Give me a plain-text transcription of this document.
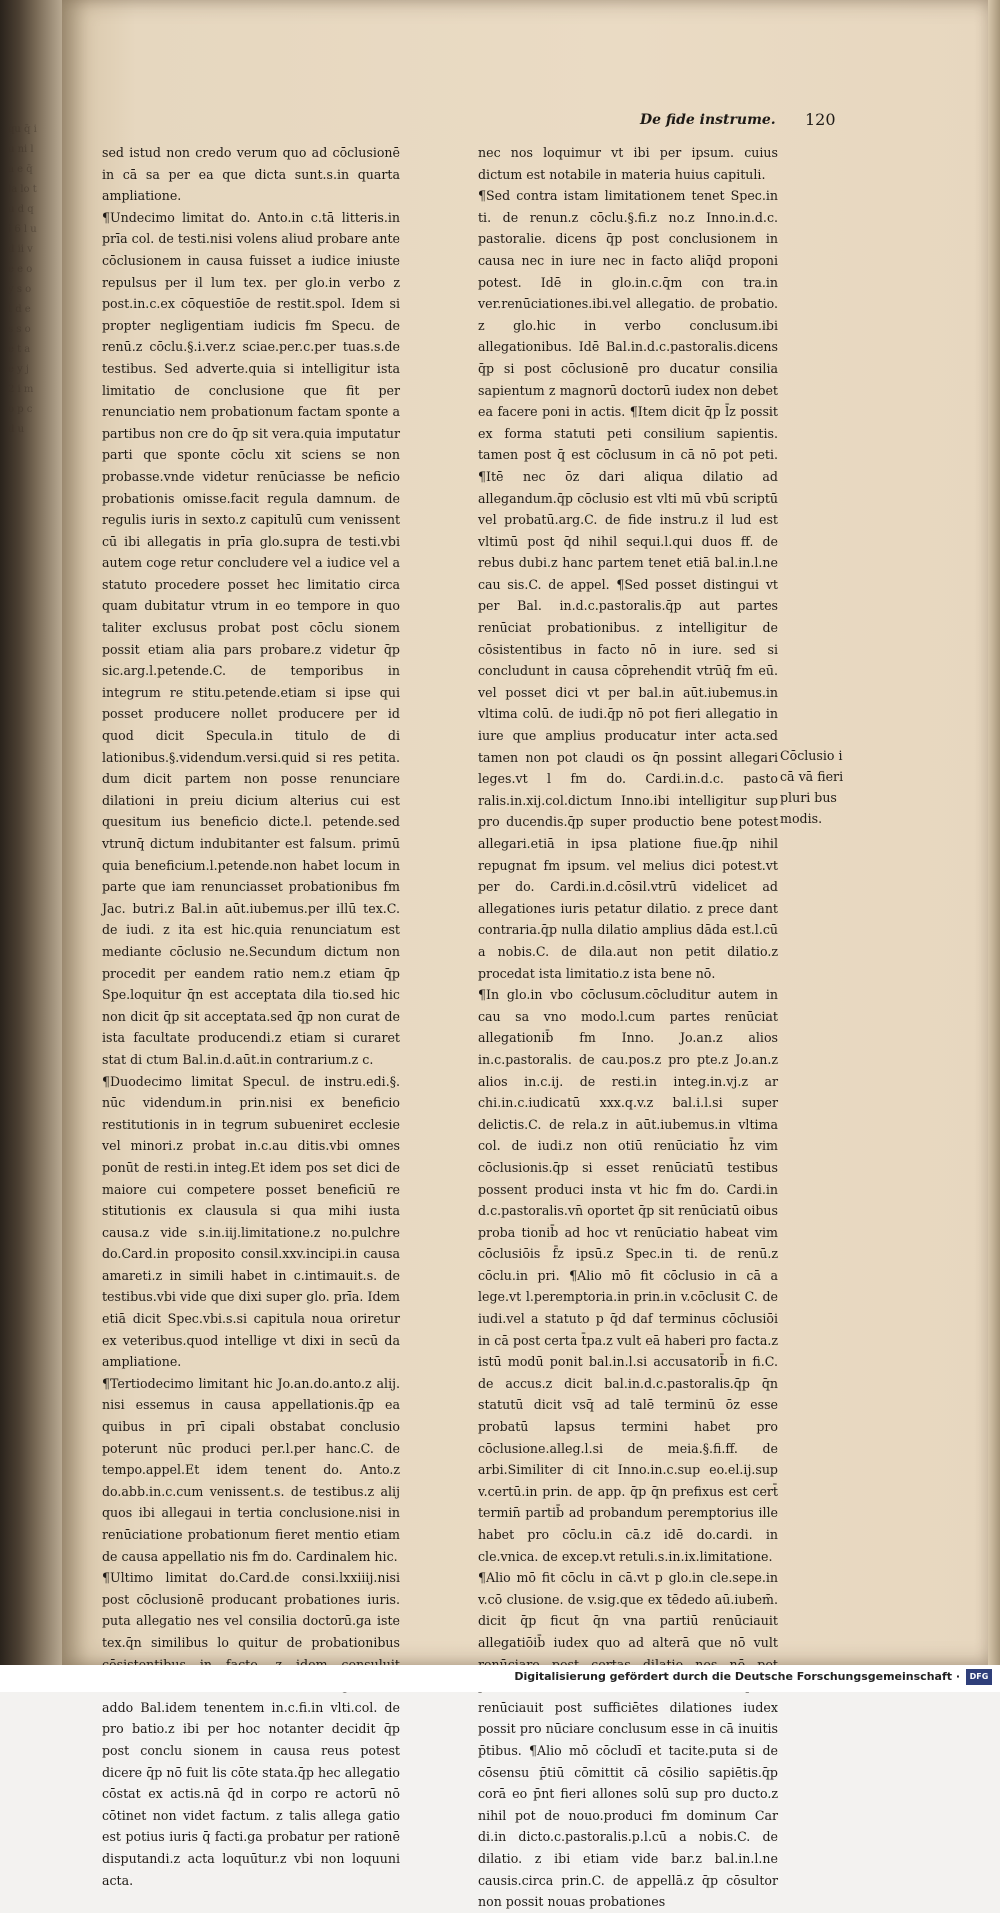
qu q̄ iu ni la e q̄ la lo t u d q i 6 l u d ii v e e o y s o t d e s s o e t a e y j 2 i m o p c d u
De fide instrume. 120

sed istud non credo verum quo ad cōclusionē in cā sa per ea que dicta sunt.s.in quarta ampliatione.

¶Undecimo limitat do. Anto.in c.tā litteris.in prīa col. de testi.nisi volens aliud probare ante cōclusionem in causa fuisset a iudice iniuste repulsus per il lum tex. per glo.in verbo z post.in.c.ex cōquestiōe de restit.spol. Idem si propter negligentiam iudicis fm Specu. de renū.z cōclu.§.i.ver.z sciae.per.c.per tuas.s.de testibus. Sed adverte.quia si intelligitur ista limitatio de conclusione que fit per renunciatio nem probationum factam sponte a partibus non cre do q̄p sit vera.quia imputatur parti que sponte cōclu xit sciens se non probasse.vnde videtur renūciasse be neficio probationis omisse.facit regula damnum. de regulis iuris in sexto.z capitulū cum venissent cū ibi allegatis in prīa glo.supra de testi.vbi autem coge retur concludere vel a iudice vel a statuto procedere posset hec limitatio circa quam dubitatur vtrum in eo tempore in quo taliter exclusus probat post cōclu sionem possit etiam alia pars probare.z videtur q̄p sic.arg.l.petende.C. de temporibus in integrum re stitu.petende.etiam si ipse qui posset producere nollet producere per id quod dicit Specula.in titulo de di lationibus.§.videndum.versi.quid si res petita. dum dicit partem non posse renunciare dilationi in preiu dicium alterius cui est quesitum ius beneficio dicte.l. petende.sed vtrunq̄ dictum indubitanter est falsum. primū quia beneficium.l.petende.non habet locum in parte que iam renunciasset probationibus fm Jac. butri.z Bal.in aūt.iubemus.per illū tex.C. de iudi. z ita est hic.quia renunciatum est mediante cōclusio ne.Secundum dictum non procedit per eandem ratio nem.z etiam q̄p Spe.loquitur q̄n est acceptata dila tio.sed hic non dicit q̄p sit acceptata.sed q̄p non curat de ista facultate producendi.z etiam si curaret stat di ctum Bal.in.d.aūt.in contrarium.z c.

¶Duodecimo limitat Specul. de instru.edi.§. nūc videndum.in prin.nisi ex beneficio restitutionis in in tegrum subueniret ecclesie vel minori.z probat in.c.au ditis.vbi omnes ponūt de resti.in integ.Et idem pos set dici de maiore cui competere posset beneficiū re stitutionis ex clausula si qua mihi iusta causa.z vide s.in.iij.limitatione.z no.pulchre do.Card.in proposito consil.xxv.incipi.in causa amareti.z in simili habet in c.intimauit.s. de testibus.vbi vide que dixi super glo. prīa. Idem etiā dicit Spec.vbi.s.si capitula noua oriretur ex veteribus.quod intellige vt dixi in secū da ampliatione.

¶Tertiodecimo limitant hic Jo.an.do.anto.z alij. nisi essemus in causa appellationis.q̄p ea quibus in prī cipali obstabat conclusio poterunt nūc produci per.l.per hanc.C. de tempo.appel.Et idem tenent do. Anto.z do.abb.in.c.cum venissent.s. de testibus.z alij quos ibi allegaui in tertia conclusione.nisi in renūciatione probationum fieret mentio etiam de causa appellatio nis fm do. Cardinalem hic.

¶Ultimo limitat do.Card.de consi.lxxiiij.nisi post cōclusionē producant probationes iuris. puta allegatio nes vel consilia doctorū.ga iste tex.q̄n similibus lo quitur de probationibus addo Bal.idem tenentem in.c.fi.in vlti.col. de pro batio.z ibi per hoc notanter decidit q̄p post conclu sionem in causa reus potest dicere q̄p nō fuit lis cōte stata.q̄p hec allegatio cōstat ex actis.nā q̄d in corpo re actorū nō cōtinet non videt factum. z talis allega gatio est potius iuris q̄̄ facti.ga probatur per rationē disputandi.z acta loquūtur.z vbi non loquuni acta.

nec nos loquimur vt ibi per ipsum. cuius dictum est notabile in materia huius capituli.

¶Sed contra istam limitationem tenet Spec.in ti. de renun.z cōclu.§.fi.z no.z Inno.in.d.c. pastoralie. dicens q̄p post conclusionem in causa nec in iure nec in facto aliq̄d proponi potest. Idē in glo.in.c.q̄m con tra.in ver.renūciationes.ibi.vel allegatio. de probatio. z glo.hic in verbo conclusum.ibi allegationibus. Idē Bal.in.d.c.pastoralis.dicens q̄p si post cōclusionē pro ducatur consilia sapientum z magnorū doctorū iudex non debet ea facere poni in actis. ¶Item dicit q̄p l̄z possit ex forma statuti peti consilium sapientis. tamen post q̄̄ est cōclusum in cā nō pot peti. ¶Itē nec ōz dari aliqua dilatio ad allegandum.q̄p cōclusio est vlti mū vbū scriptū vel probatū.arg.C. de fide instru.z il lud est vltimū post q̄d nihil sequi.l.qui duos ff. de rebus dubi.z hanc partem tenet etiā bal.in.l.ne cau sis.C. de appel. ¶Sed posset distingui vt per Bal. in.d.c.pastoralis.q̄p aut partes renūciat probationibus. z intelligitur de cōsistentibus in facto nō in iure. sed si concludunt in causa cōprehendit vtrūq̄ fm eū. vel posset dici vt per bal.in aūt.iubemus.in vltima colū. de iudi.q̄p nō pot fieri allegatio in iure que amplius producatur inter acta.sed tamen non pot claudi os q̄n possint allegari leges.vt l fm do. Cardi.in.d.c. pasto ralis.in.xij.col.dictum Inno.ibi intelligitur sup pro ducendis.q̄p super productio bene potest allegari.etiā in ipsa platione fiue.q̄p nihil repugnat fm ipsum. vel melius dici potest.vt per do. Cardi.in.d.cōsil.vtrū videlicet ad allegationes iuris petatur dilatio. z prece dant contraria.q̄p nulla dilatio amplius dāda est.l.cū a nobis.C. de dila.aut non petit dilatio.z procedat ista limitatio.z ista bene nō.

¶In glo.in vbo cōclusum.cōcluditur autem in cau sa vno modo.l.cum partes renūciat allegationib̄ fm Inno. Jo.an.z alios in.c.pastoralis. de cau.pos.z pro pte.z Jo.an.z alios in.c.ij. de resti.in integ.in.vj.z ar chi.in.c.iudicatū xxx.q.v.z bal.i.l.si super delictis.C. de rela.z in aūt.iubemus.in vltima col. de iudi.z non otiū renūciatio h̄z vim cōclusionis.q̄p si esset renūciatū testibus possent produci insta vt hic fm do. Cardi.in d.c.pastoralis.vn̄ oportet q̄p sit renūciatū oibus proba tionib̄ ad hoc vt renūciatio habeat vim cōclusiōis f̄z ipsū.z Spec.in ti. de renū.z cōclu.in pri. ¶Alio mō fit cōclusio in cā a lege.vt l.peremptoria.in prin.in v.cōclusit C. de iudi.vel a statuto p q̄d daf terminus cōclusiōi in cā post certa t̄pa.z vult eā haberi pro facta.z istū modū ponit bal.in.l.si accusatorib̄ in fi.C. de accus.z dicit bal.in.d.c.pastoralis.q̄p q̄n statutū dicit vsq̄ ad talē terminū ōz esse probatū lapsus termini habet pro cōclusione.alleg.l.si de meia.§.fi.ff. de arbi.Similiter di cit Inno.in.c.sup eo.el.ij.sup v.certū.in prin. de app. q̄p q̄n prefixus est cert̄ termin̄ partib̄ ad probandum peremptorius ille habet pro cōclu.in cā.z idē do.cardi. in cle.vnica. de excep.vt retuli.s.in.ix.limitatione.

¶Alio mō fit cōclu in cā.vt p glo.in cle.sepe.in v.cō clusione. de v.sig.que ex tēdedo aū.iubem̄. dicit q̄p ficut q̄n vna partiū renūciauit allegatiōib̄ iudex quo ad alterā que nō vult renūciauit post sufficiētes dilationes iudex possit pro nūciare conclusum esse in cā inuitis p̄tibus. ¶Alio mō cōcludī et tacite.puta si de cōsensu p̄tiū cōmittit cā cōsilio sapiētis.q̄p corā eo p̄nt fieri allones solū sup pro ducto.z nihil pot de nouo.produci fm dominum Car di.in dicto.c.pastoralis.p.l.cū a nobis.C. de dilatio. z ibi etiam vide bar.z bal.in.l.ne causis.circa prin.C. de appellā.z q̄p cōsultor non possit nouas probationes

Cōclusio i cā vā fieri pluri bus modis.
Digitalisierung gefördert durch die Deutsche Forschungsgemeinschaft ·	DFG
